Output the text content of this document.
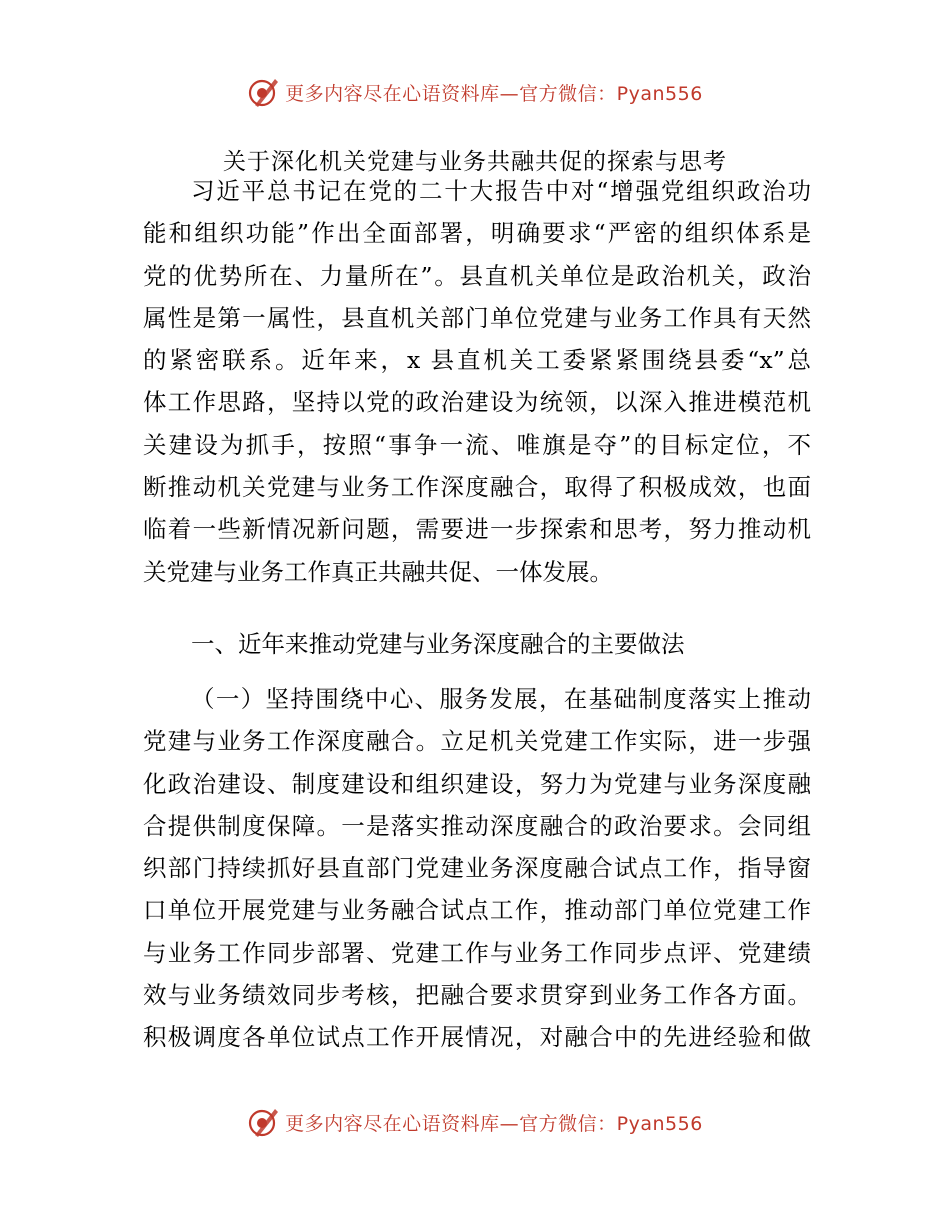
更多内容尽在心语资料库—官方微信：Pyan556
关于深化机关党建与业务共融共促的探索与思考
习近平总书记在党的二十大报告中对“增强党组织政治功
能和组织功能”作出全面部署，明确要求“严密的组织体系是
党的优势所在、力量所在”。县直机关单位是政治机关，政治
属性是第一属性，县直机关部门单位党建与业务工作具有天然
的紧密联系。近年来，x 县直机关工委紧紧围绕县委“x”总
体工作思路，坚持以党的政治建设为统领，以深入推进模范机
关建设为抓手，按照“事争一流、唯旗是夺”的目标定位，不
断推动机关党建与业务工作深度融合，取得了积极成效，也面
临着一些新情况新问题，需要进一步探索和思考，努力推动机
关党建与业务工作真正共融共促、一体发展。
一、近年来推动党建与业务深度融合的主要做法
（一）坚持围绕中心、服务发展，在基础制度落实上推动
党建与业务工作深度融合。立足机关党建工作实际，进一步强
化政治建设、制度建设和组织建设，努力为党建与业务深度融
合提供制度保障。一是落实推动深度融合的政治要求。会同组
织部门持续抓好县直部门党建业务深度融合试点工作，指导窗
口单位开展党建与业务融合试点工作，推动部门单位党建工作
与业务工作同步部署、党建工作与业务工作同步点评、党建绩
效与业务绩效同步考核，把融合要求贯穿到业务工作各方面。
积极调度各单位试点工作开展情况，对融合中的先进经验和做
更多内容尽在心语资料库—官方微信：Pyan556
